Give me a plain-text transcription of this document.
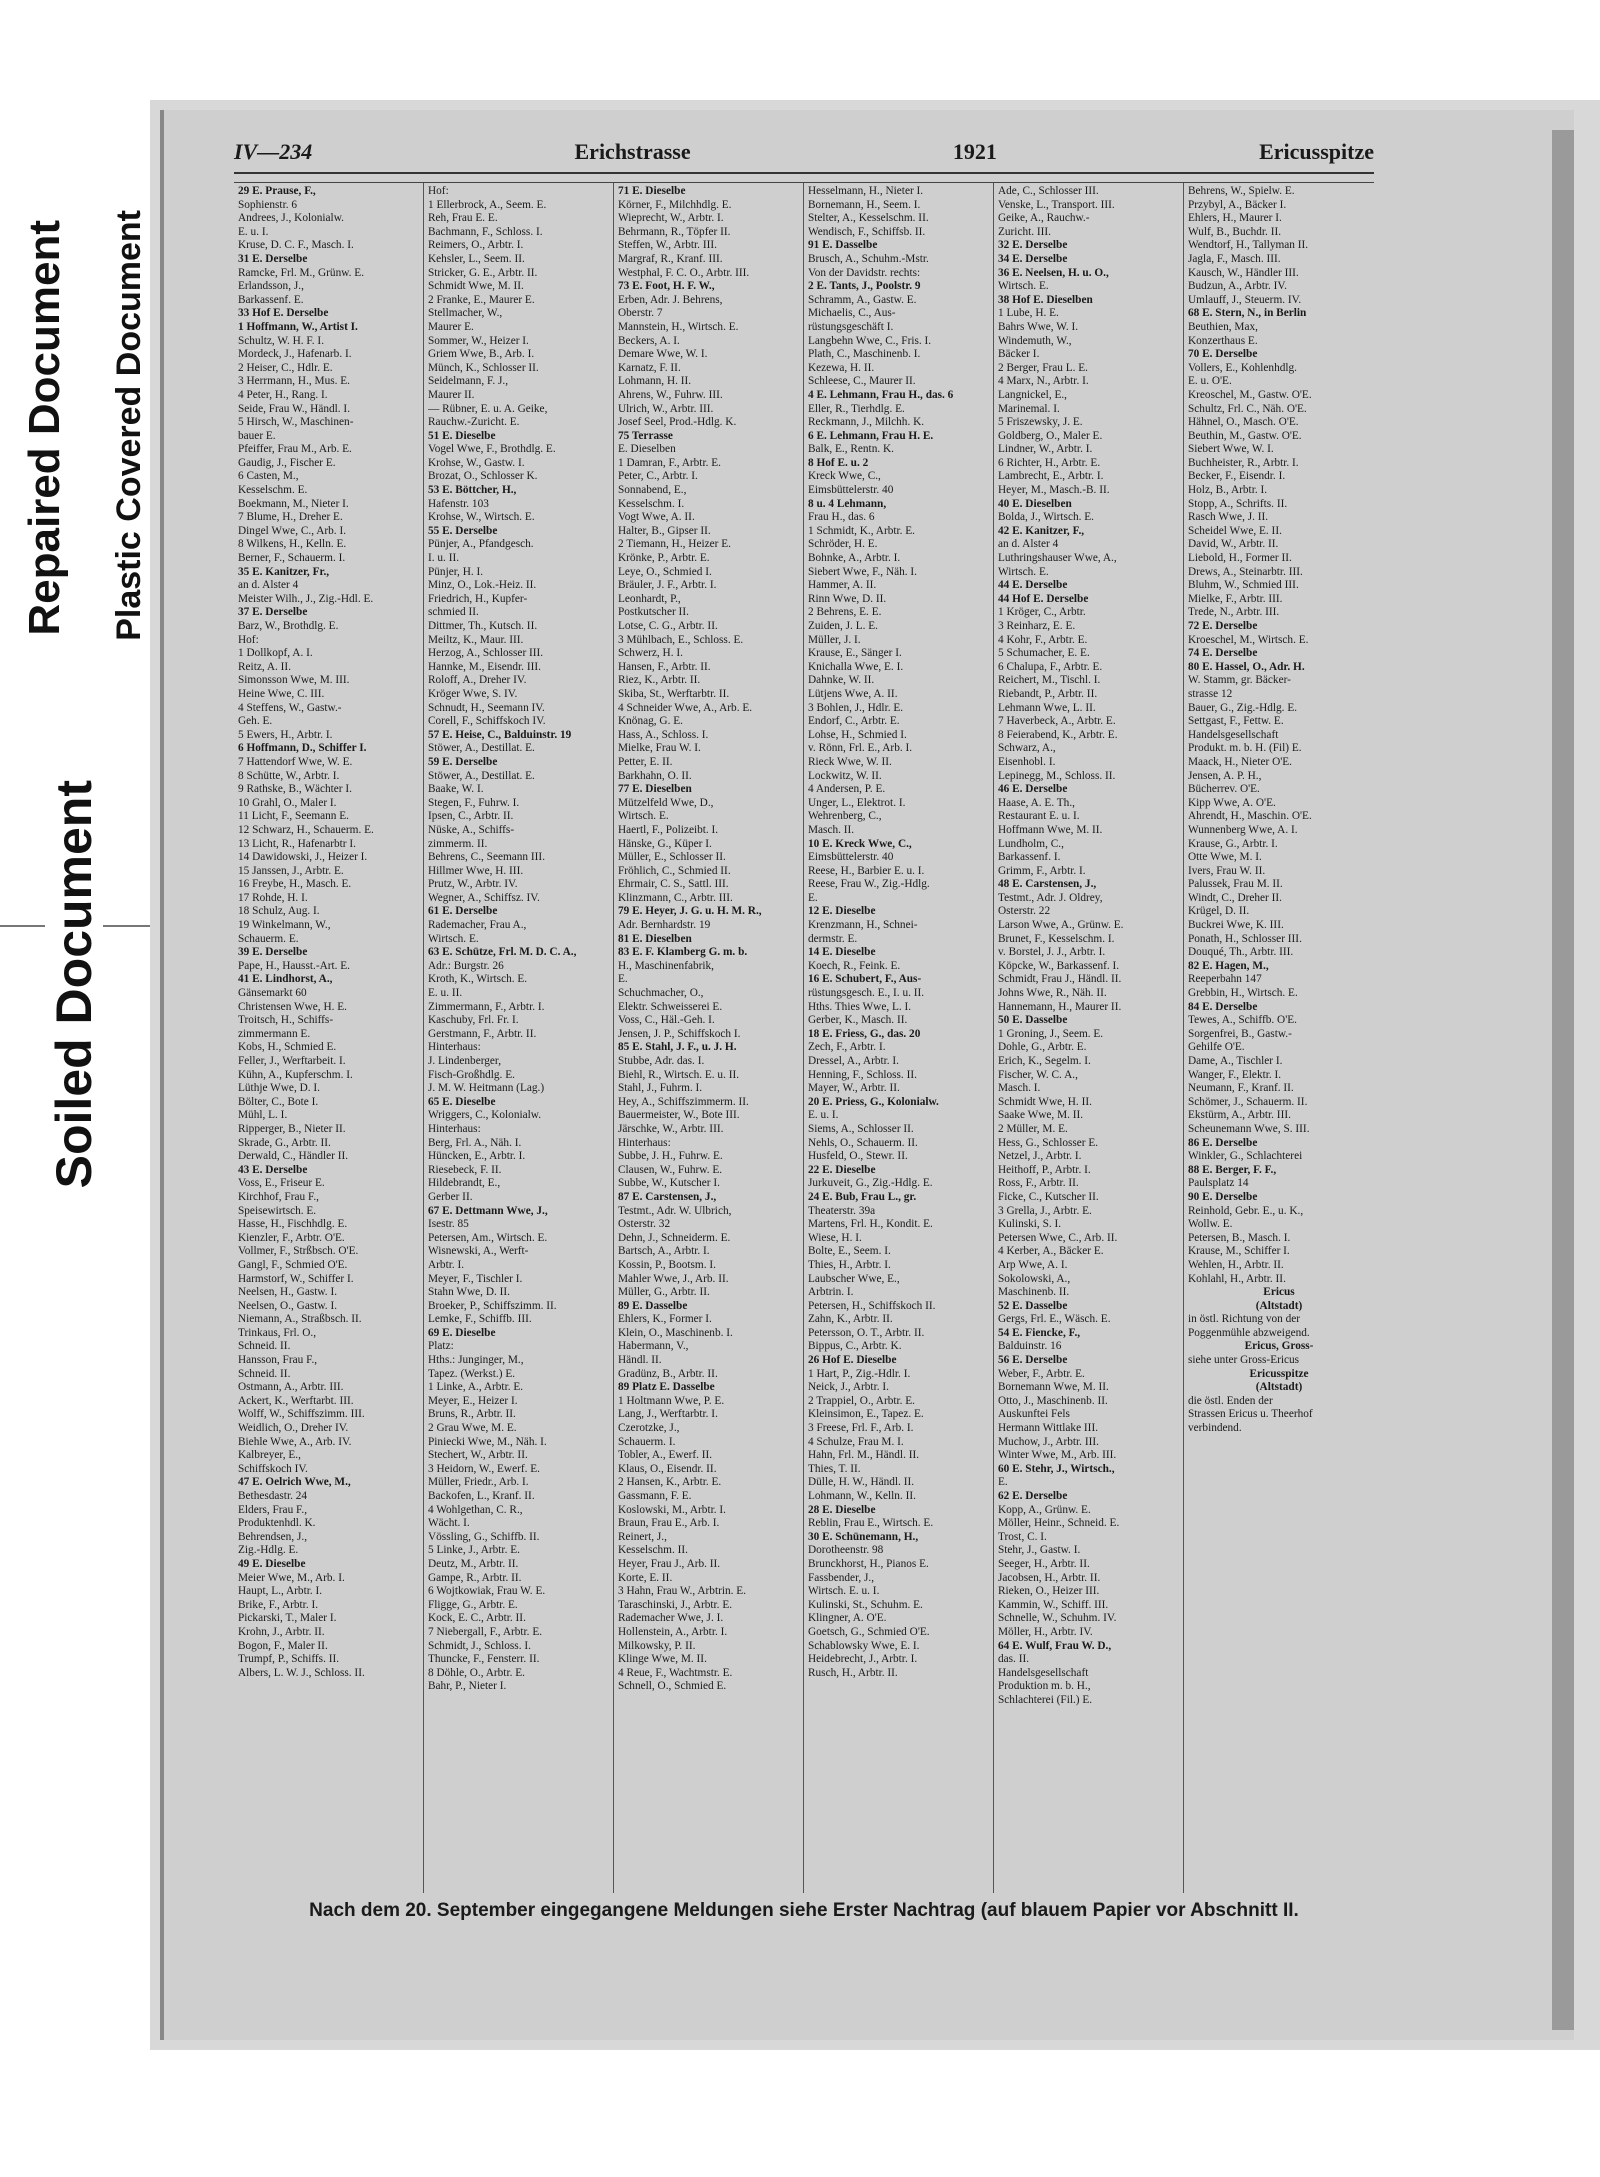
Repaired Document Plastic Covered Document
Soiled Document
IV—234	Erichstrasse	1921	Ericusspitze
29 E. Prause, F.,
Sophienstr. 6
Andrees, J., Kolonialw.
E. u. I.
Kruse, D. C. F., Masch. I.
31 E. Derselbe
Ramcke, Frl. M., Grünw. E.
Erlandsson, J.,
Barkassenf. E.
33 Hof E. Derselbe
1 Hoffmann, W., Artist I.
Schultz, W. H. F. I.
Mordeck, J., Hafenarb. I.
2 Heiser, C., Hdlr. E.
3 Herrmann, H., Mus. E.
4 Peter, H., Rang. I.
Seide, Frau W., Händl. I.
5 Hirsch, W., Maschinen-
bauer E.
Pfeiffer, Frau M., Arb. E.
Gaudig, J., Fischer E.
6 Casten, M.,
Kesselschm. E.
Boekmann, M., Nieter I.
7 Blume, H., Dreher E.
Dingel Wwe, C., Arb. I.
8 Wilkens, H., Kelln. E.
Berner, F., Schauerm. I.
35 E. Kanitzer, Fr.,
an d. Alster 4
Meister Wilh., J., Zig.-Hdl. E.
37 E. Derselbe
Barz, W., Brothdlg. E.
Hof:
1 Dollkopf, A. I.
Reitz, A. II.
Simonsson Wwe, M. III.
Heine Wwe, C. III.
4 Steffens, W., Gastw.-
Geh. E.
5 Ewers, H., Arbtr. I.
6 Hoffmann, D., Schiffer I.
7 Hattendorf Wwe, W. E.
8 Schütte, W., Arbtr. I.
9 Rathske, B., Wächter I.
10 Grahl, O., Maler I.
11 Licht, F., Seemann E.
12 Schwarz, H., Schauerm. E.
13 Licht, R., Hafenarbtr I.
14 Dawidowski, J., Heizer I.
15 Janssen, J., Arbtr. E.
16 Freybe, H., Masch. E.
17 Rohde, H. I.
18 Schulz, Aug. I.
19 Winkelmann, W.,
Schauerm. E.
39 E. Derselbe
Pape, H., Hausst.-Art. E.
41 E. Lindhorst, A.,
Gänsemarkt 60
Christensen Wwe, H. E.
Troitsch, H., Schiffs-
zimmermann E.
Kobs, H., Schmied E.
Feller, J., Werftarbeit. I.
Kühn, A., Kupferschm. I.
Lüthje Wwe, D. I.
Bölter, C., Bote I.
Mühl, L. I.
Ripperger, B., Nieter II.
Skrade, G., Arbtr. II.
Derwald, C., Händler II.
43 E. Derselbe
Voss, E., Friseur E.
Kirchhof, Frau F.,
Speisewirtsch. E.
Hasse, H., Fischhdlg. E.
Kienzler, F., Arbtr. O'E.
Vollmer, F., Strßbsch. O'E.
Gangl, F., Schmied O'E.
Harmstorf, W., Schiffer I.
Neelsen, H., Gastw. I.
Neelsen, O., Gastw. I.
Niemann, A., Straßbsch. II.
Trinkaus, Frl. O.,
Schneid. II.
Hansson, Frau F.,
Schneid. II.
Ostmann, A., Arbtr. III.
Ackert, K., Werftarbt. III.
Wolff, W., Schiffszimm. III.
Weidlich, O., Dreher IV.
Biehle Wwe, A., Arb. IV.
Kalbreyer, E.,
Schiffskoch IV.
47 E. Oelrich Wwe, M.,
Bethesdastr. 24
Elders, Frau F.,
Produktenhdl. K.
Behrendsen, J.,
Zig.-Hdlg. E.
49 E. Dieselbe
Meier Wwe, M., Arb. I.
Haupt, L., Arbtr. I.
Brike, F., Arbtr. I.
Pickarski, T., Maler I.
Krohn, J., Arbtr. II.
Bogon, F., Maler II.
Trumpf, P., Schiffs. II.
Albers, L. W. J., Schloss. II.
Hof:
1 Ellerbrock, A., Seem. E.
Reh, Frau E. E.
Bachmann, F., Schloss. I.
Reimers, O., Arbtr. I.
Kehsler, L., Seem. II.
Stricker, G. E., Arbtr. II.
Schmidt Wwe, M. II.
2 Franke, E., Maurer E.
Stellmacher, W.,
Maurer E.
Sommer, W., Heizer I.
Griem Wwe, B., Arb. I.
Münch, K., Schlosser II.
Seidelmann, F. J.,
Maurer II.
— Rübner, E. u. A. Geike,
Rauchw.-Zuricht. E.
51 E. Dieselbe
Vogel Wwe, F., Brothdlg. E.
Krohse, W., Gastw. I.
Brozat, O., Schlosser K.
53 E. Böttcher, H.,
Hafenstr. 103
Krohse, W., Wirtsch. E.
55 E. Derselbe
Pünjer, A., Pfandgesch.
I. u. II.
Pünjer, H. I.
Minz, O., Lok.-Heiz. II.
Friedrich, H., Kupfer-
schmied II.
Dittmer, Th., Kutsch. II.
Meiltz, K., Maur. III.
Herzog, A., Schlosser III.
Hannke, M., Eisendr. III.
Roloff, A., Dreher IV.
Kröger Wwe, S. IV.
Schnudt, H., Seemann IV.
Corell, F., Schiffskoch IV.
57 E. Heise, C., Balduinstr. 19
Stöwer, A., Destillat. E.
59 E. Derselbe
Stöwer, A., Destillat. E.
Baake, W. I.
Stegen, F., Fuhrw. I.
Ipsen, C., Arbtr. II.
Nüske, A., Schiffs-
zimmerm. II.
Behrens, C., Seemann III.
Hillmer Wwe, H. III.
Prutz, W., Arbtr. IV.
Wegner, A., Schiffsz. IV.
61 E. Derselbe
Rademacher, Frau A.,
Wirtsch. E.
63 E. Schütze, Frl. M. D. C. A.,
Adr.: Burgstr. 26
Kroth, K., Wirtsch. E.
E. u. II.
Zimmermann, F., Arbtr. I.
Kaschuby, Frl. Fr. I.
Gerstmann, F., Arbtr. II.
Hinterhaus:
J. Lindenberger,
Fisch-Großhdlg. E.
J. M. W. Heitmann (Lag.)
65 E. Dieselbe
Wriggers, C., Kolonialw.
Hinterhaus:
Berg, Frl. A., Näh. I.
Hüncken, E., Arbtr. I.
Riesebeck, F. II.
Hildebrandt, E.,
Gerber II.
67 E. Dettmann Wwe, J.,
Isestr. 85
Petersen, Am., Wirtsch. E.
Wisnewski, A., Werft-
Arbtr. I.
Meyer, F., Tischler I.
Stahn Wwe, D. II.
Broeker, P., Schiffszimm. II.
Lemke, F., Schiffb. III.
69 E. Dieselbe
Platz:
Hths.: Junginger, M.,
Tapez. (Werkst.) E.
1 Linke, A., Arbtr. E.
Meyer, E., Heizer I.
Bruns, R., Arbtr. II.
2 Grau Wwe, M. E.
Piniecki Wwe, M., Näh. I.
Stechert, W., Arbtr. II.
3 Heidorn, W., Ewerf. E.
Müller, Friedr., Arb. I.
Backofen, L., Kranf. II.
4 Wohlgethan, C. R.,
Wächt. I.
Vössling, G., Schiffb. II.
5 Linke, J., Arbtr. E.
Deutz, M., Arbtr. II.
Gampe, R., Arbtr. II.
6 Wojtkowiak, Frau W. E.
Fligge, G., Arbtr. E.
Kock, E. C., Arbtr. II.
7 Niebergall, F., Arbtr. E.
Schmidt, J., Schloss. I.
Thuncke, F., Fensterr. II.
8 Döhle, O., Arbtr. E.
Bahr, P., Nieter I.
71 E. Dieselbe
Körner, F., Milchhdlg. E.
Wieprecht, W., Arbtr. I.
Behrmann, R., Töpfer II.
Steffen, W., Arbtr. III.
Margraf, R., Kranf. III.
Westphal, F. C. O., Arbtr. III.
73 E. Foot, H. F. W.,
Erben, Adr. J. Behrens,
Oberstr. 7
Mannstein, H., Wirtsch. E.
Beckers, A. I.
Demare Wwe, W. I.
Karnatz, F. II.
Lohmann, H. II.
Ahrens, W., Fuhrw. III.
Ulrich, W., Arbtr. III.
Josef Seel, Prod.-Hdlg. K.
75 Terrasse
E. Dieselben
1 Damran, F., Arbtr. E.
Peter, C., Arbtr. I.
Sonnabend, E.,
Kesselschm. I.
Vogt Wwe, A. II.
Halter, B., Gipser II.
2 Tiemann, H., Heizer E.
Krönke, P., Arbtr. E.
Leye, O., Schmied I.
Bräuler, J. F., Arbtr. I.
Leonhardt, P.,
Postkutscher II.
Lotse, C. G., Arbtr. II.
3 Mühlbach, E., Schloss. E.
Schwerz, H. I.
Hansen, F., Arbtr. II.
Riez, K., Arbtr. II.
Skiba, St., Werftarbtr. II.
4 Schneider Wwe, A., Arb. E.
Knönag, G. E.
Hass, A., Schloss. I.
Mielke, Frau W. I.
Petter, E. II.
Barkhahn, O. II.
77 E. Dieselben
Mützelfeld Wwe, D.,
Wirtsch. E.
Haertl, F., Polizeibt. I.
Hänske, G., Küper I.
Müller, E., Schlosser II.
Fröhlich, C., Schmied II.
Ehrmair, C. S., Sattl. III.
Klinzmann, C., Arbtr. III.
79 E. Heyer, J. G. u. H. M. R.,
Adr. Bernhardstr. 19
81 E. Dieselben
83 E. F. Klamberg G. m. b.
H., Maschinenfabrik,
E.
Schuchmacher, O.,
Elektr. Schweisserei E.
Voss, C., Häl.-Geh. I.
Jensen, J. P., Schiffskoch I.
85 E. Stahl, J. F., u. J. H.
Stubbe, Adr. das. I.
Biehl, R., Wirtsch. E. u. II.
Stahl, J., Fuhrm. I.
Hey, A., Schiffszimmerm. II.
Bauermeister, W., Bote III.
Järschke, W., Arbtr. III.
Hinterhaus:
Subbe, J. H., Fuhrw. E.
Clausen, W., Fuhrw. E.
Subbe, W., Kutscher I.
87 E. Carstensen, J.,
Testmt., Adr. W. Ulbrich,
Osterstr. 32
Dehn, J., Schneiderm. E.
Bartsch, A., Arbtr. I.
Kossin, P., Bootsm. I.
Mahler Wwe, J., Arb. II.
Müller, G., Arbtr. II.
89 E. Dasselbe
Ehlers, K., Former I.
Klein, O., Maschinenb. I.
Habermann, V.,
Händl. II.
Gradünz, B., Arbtr. II.
89 Platz E. Dasselbe
1 Holtmann Wwe, P. E.
Lang, J., Werftarbtr. I.
Czerotzke, J.,
Schauerm. I.
Tobler, A., Ewerf. II.
Klaus, O., Eisendr. II.
2 Hansen, K., Arbtr. E.
Gassmann, F. E.
Koslowski, M., Arbtr. I.
Braun, Frau E., Arb. I.
Reinert, J.,
Kesselschm. II.
Heyer, Frau J., Arb. II.
Korte, E. II.
3 Hahn, Frau W., Arbtrin. E.
Taraschinski, J., Arbtr. E.
Rademacher Wwe, J. I.
Hollenstein, A., Arbtr. I.
Milkowsky, P. II.
Klinge Wwe, M. II.
4 Reue, F., Wachtmstr. E.
Schnell, O., Schmied E.
Hesselmann, H., Nieter I.
Bornemann, H., Seem. I.
Stelter, A., Kesselschm. II.
Wendisch, F., Schiffsb. II.
91 E. Dasselbe
Brusch, A., Schuhm.-Mstr.
Von der Davidstr. rechts:
2 E. Tants, J., Poolstr. 9
Schramm, A., Gastw. E.
Michaelis, C., Aus-
rüstungsgeschäft I.
Langbehn Wwe, C., Fris. I.
Plath, C., Maschinenb. I.
Kezewa, H. II.
Schleese, C., Maurer II.
4 E. Lehmann, Frau H., das. 6
Eller, R., Tierhdlg. E.
Reckmann, J., Milchh. K.
6 E. Lehmann, Frau H. E.
Balk, E., Rentn. K.
8 Hof E. u. 2
Kreck Wwe, C.,
Eimsbüttelerstr. 40
8 u. 4 Lehmann,
Frau H., das. 6
1 Schmidt, K., Arbtr. E.
Schröder, H. E.
Bohnke, A., Arbtr. I.
Siebert Wwe, F., Näh. I.
Hammer, A. II.
Rinn Wwe, D. II.
2 Behrens, E. E.
Zuiden, J. L. E.
Müller, J. I.
Krause, E., Sänger I.
Knichalla Wwe, E. I.
Dahnke, W. II.
Lütjens Wwe, A. II.
3 Bohlen, J., Hdlr. E.
Endorf, C., Arbtr. E.
Lohse, H., Schmied I.
v. Rönn, Frl. E., Arb. I.
Rieck Wwe, W. II.
Lockwitz, W. II.
4 Andersen, P. E.
Unger, L., Elektrot. I.
Wehrenberg, C.,
Masch. II.
10 E. Kreck Wwe, C.,
Eimsbüttelerstr. 40
Reese, H., Barbier E. u. I.
Reese, Frau W., Zig.-Hdlg.
E.
12 E. Dieselbe
Krenzmann, H., Schnei-
dermstr. E.
14 E. Dieselbe
Koech, R., Feink. E.
16 E. Schubert, F., Aus-
rüstungsgesch. E., I. u. II.
Hths. Thies Wwe, L. I.
Gerber, K., Masch. II.
18 E. Friess, G., das. 20
Zech, F., Arbtr. I.
Dressel, A., Arbtr. I.
Henning, F., Schloss. II.
Mayer, W., Arbtr. II.
20 E. Priess, G., Kolonialw.
E. u. I.
Siems, A., Schlosser II.
Nehls, O., Schauerm. II.
Husfeld, O., Stewr. II.
22 E. Dieselbe
Jurkuveit, G., Zig.-Hdlg. E.
24 E. Bub, Frau L., gr.
Theaterstr. 39a
Martens, Frl. H., Kondit. E.
Wiese, H. I.
Bolte, E., Seem. I.
Thies, H., Arbtr. I.
Laubscher Wwe, E.,
Arbtrin. I.
Petersen, H., Schiffskoch II.
Zahn, K., Arbtr. II.
Petersson, O. T., Arbtr. II.
Bippus, C., Arbtr. K.
26 Hof E. Dieselbe
1 Hart, P., Zig.-Hdlr. I.
Neick, J., Arbtr. I.
2 Trappiel, O., Arbtr. E.
Kleinsimon, E., Tapez. E.
3 Freese, Frl. F., Arb. I.
4 Schulze, Frau M. I.
Hahn, Frl. M., Händl. II.
Thies, T. II.
Dülle, H. W., Händl. II.
Lohmann, W., Kelln. II.
28 E. Dieselbe
Reblin, Frau E., Wirtsch. E.
30 E. Schünemann, H.,
Dorotheenstr. 98
Brunckhorst, H., Pianos E.
Fassbender, J.,
Wirtsch. E. u. I.
Kulinski, St., Schuhm. E.
Klingner, A. O'E.
Goetsch, G., Schmied O'E.
Schablowsky Wwe, E. I.
Heidebrecht, J., Arbtr. I.
Rusch, H., Arbtr. II.
Ade, C., Schlosser III.
Venske, L., Transport. III.
Geike, A., Rauchw.-
Zuricht. III.
32 E. Derselbe
34 E. Derselbe
36 E. Neelsen, H. u. O.,
Wirtsch. E.
38 Hof E. Dieselben
1 Lube, H. E.
Bahrs Wwe, W. I.
Windemuth, W.,
Bäcker I.
2 Berger, Frau L. E.
4 Marx, N., Arbtr. I.
Langnickel, E.,
Marinemal. I.
5 Friszewsky, J. E.
Goldberg, O., Maler E.
Lindner, W., Arbtr. I.
6 Richter, H., Arbtr. E.
Lambrecht, E., Arbtr. I.
Heyer, M., Masch.-B. II.
40 E. Dieselben
Bolda, J., Wirtsch. E.
42 E. Kanitzer, F.,
an d. Alster 4
Luthringshauser Wwe, A.,
Wirtsch. E.
44 E. Derselbe
44 Hof E. Derselbe
1 Kröger, C., Arbtr.
3 Reinharz, E. E.
4 Kohr, F., Arbtr. E.
5 Schumacher, E. E.
6 Chalupa, F., Arbtr. E.
Reichert, M., Tischl. I.
Riebandt, P., Arbtr. II.
Lehmann Wwe, L. II.
7 Haverbeck, A., Arbtr. E.
8 Feierabend, K., Arbtr. E.
Schwarz, A.,
Eisenhobl. I.
Lepinegg, M., Schloss. II.
46 E. Derselbe
Haase, A. E. Th.,
Restaurant E. u. I.
Hoffmann Wwe, M. II.
Lundholm, C.,
Barkassenf. I.
Grimm, F., Arbtr. I.
48 E. Carstensen, J.,
Testmt., Adr. J. Oldrey,
Osterstr. 22
Larson Wwe, A., Grünw. E.
Brunet, F., Kesselschm. I.
v. Borstel, J. J., Arbtr. I.
Köpcke, W., Barkassenf. I.
Schmidt, Frau J., Händl. II.
Johns Wwe, R., Näh. II.
Hannemann, H., Maurer II.
50 E. Dasselbe
1 Groning, J., Seem. E.
Dohle, G., Arbtr. E.
Erich, K., Segelm. I.
Fischer, W. C. A.,
Masch. I.
Schmidt Wwe, H. II.
Saake Wwe, M. II.
2 Müller, M. E.
Hess, G., Schlosser E.
Netzel, J., Arbtr. I.
Heithoff, P., Arbtr. I.
Ross, F., Arbtr. II.
Ficke, C., Kutscher II.
3 Grella, J., Arbtr. E.
Kulinski, S. I.
Petersen Wwe, C., Arb. II.
4 Kerber, A., Bäcker E.
Arp Wwe, A. I.
Sokolowski, A.,
Maschinenb. II.
52 E. Dasselbe
Gergs, Frl. E., Wäsch. E.
54 E. Fiencke, F.,
Balduinstr. 16
56 E. Derselbe
Weber, F., Arbtr. E.
Bornemann Wwe, M. II.
Otto, J., Maschinenb. II.
Auskunftei Fels
Hermann Wittlake III.
Muchow, J., Arbtr. III.
Winter Wwe, M., Arb. III.
60 E. Stehr, J., Wirtsch.,
E.
62 E. Derselbe
Kopp, A., Grünw. E.
Möller, Heinr., Schneid. E.
Trost, C. I.
Stehr, J., Gastw. I.
Seeger, H., Arbtr. II.
Jacobsen, H., Arbtr. II.
Rieken, O., Heizer III.
Kammin, W., Schiff. III.
Schnelle, W., Schuhm. IV.
Möller, H., Arbtr. IV.
64 E. Wulf, Frau W. D.,
das. II.
Handelsgesellschaft
Produktion m. b. H.,
Schlachterei (Fil.) E.
Behrens, W., Spielw. E.
Przybyl, A., Bäcker I.
Ehlers, H., Maurer I.
Wulf, B., Buchdr. II.
Wendtorf, H., Tallyman II.
Jagla, F., Masch. III.
Kausch, W., Händler III.
Budzun, A., Arbtr. IV.
Umlauff, J., Steuerm. IV.
68 E. Stern, N., in Berlin
Beuthien, Max,
Konzerthaus E.
70 E. Derselbe
Vollers, E., Kohlenhdlg.
E. u. O'E.
Kreoschel, M., Gastw. O'E.
Schultz, Frl. C., Näh. O'E.
Hähnel, O., Masch. O'E.
Beuthin, M., Gastw. O'E.
Siebert Wwe, W. I.
Buchheister, R., Arbtr. I.
Becker, F., Eisendr. I.
Holz, B., Arbtr. I.
Stopp, A., Schrifts. II.
Rasch Wwe, J. II.
Scheidel Wwe, E. II.
David, W., Arbtr. II.
Liebold, H., Former II.
Drews, A., Steinarbtr. III.
Bluhm, W., Schmied III.
Mielke, F., Arbtr. III.
Trede, N., Arbtr. III.
72 E. Derselbe
Kroeschel, M., Wirtsch. E.
74 E. Derselbe
80 E. Hassel, O., Adr. H.
W. Stamm, gr. Bäcker-
strasse 12
Bauer, G., Zig.-Hdlg. E.
Settgast, F., Fettw. E.
Handelsgesellschaft
Produkt. m. b. H. (Fil) E.
Maack, H., Nieter O'E.
Jensen, A. P. H.,
Bücherrev. O'E.
Kipp Wwe, A. O'E.
Ahrendt, H., Maschin. O'E.
Wunnenberg Wwe, A. I.
Krause, G., Arbtr. I.
Otte Wwe, M. I.
Ivers, Frau W. II.
Palussek, Frau M. II.
Windt, C., Dreher II.
Krügel, D. II.
Buckrei Wwe, K. III.
Ponath, H., Schlosser III.
Douqué, Th., Arbtr. III.
82 E. Hagen, M.,
Reeperbahn 147
Grebbin, H., Wirtsch. E.
84 E. Derselbe
Tewes, A., Schiffb. O'E.
Sorgenfrei, B., Gastw.-
Gehilfe O'E.
Dame, A., Tischler I.
Wanger, F., Elektr. I.
Neumann, F., Kranf. II.
Schömer, J., Schauerm. II.
Ekstürm, A., Arbtr. III.
Scheunemann Wwe, S. III.
86 E. Derselbe
Winkler, G., Schlachterei
88 E. Berger, F. F.,
Paulsplatz 14
90 E. Derselbe
Reinhold, Gebr. E., u. K.,
Wollw. E.
Petersen, B., Masch. I.
Krause, M., Schiffer I.
Wehlen, H., Arbtr. II.
Kohlahl, H., Arbtr. II.
Ericus
(Altstadt)
in östl. Richtung von der
Poggenmühle abzweigend.
Ericus, Gross-
siehe unter Gross-Ericus
Ericusspitze
(Altstadt)
die östl. Enden der
Strassen Ericus u. Theerhof
verbindend.
Nach dem 20. September eingegangene Meldungen siehe Erster Nachtrag (auf blauem Papier vor Abschnitt II.
